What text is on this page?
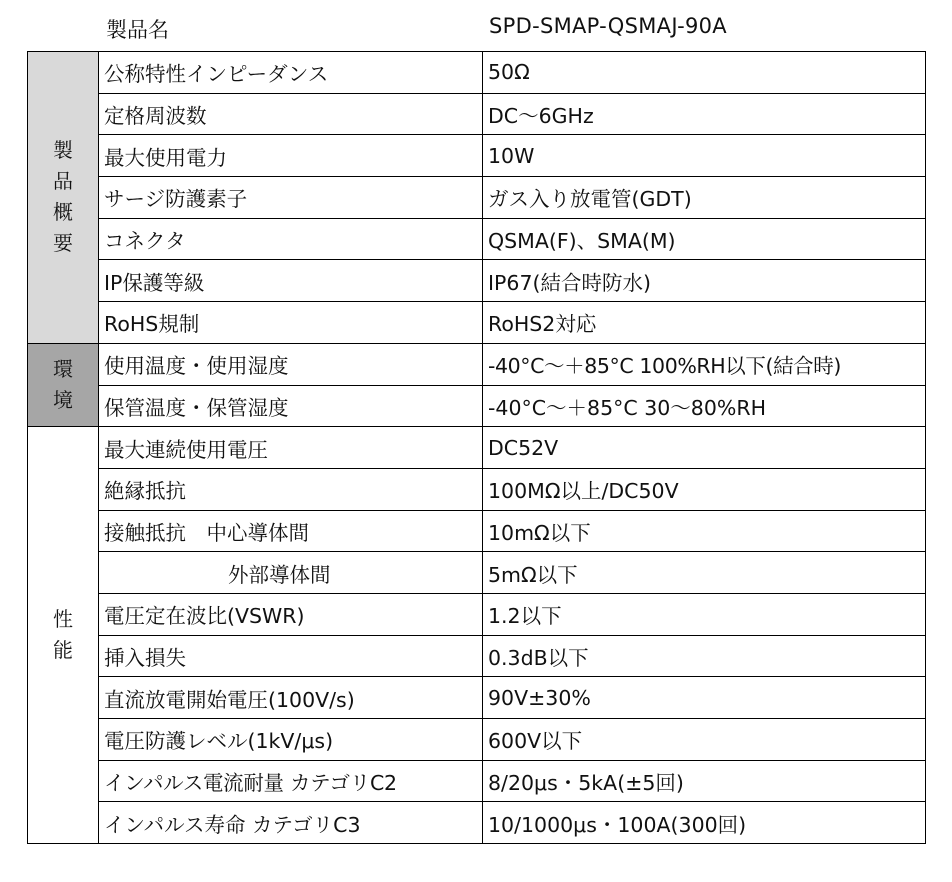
製品名	SPD-SMAP-QSMAJ-90A
製品概要	公称特性インピーダンス	50Ω
	定格周波数	DC〜6GHz
	最大使用電力	10W
	サージ防護素子	ガス入り放電管(GDT)
	コネクタ	QSMA(F)、SMA(M)
	IP保護等級	IP67(結合時防水)
	RoHS規制	RoHS2対応
環境	使用温度・使用湿度	-40°C〜＋85°C 100%RH以下(結合時)
	保管温度・保管湿度	-40°C〜＋85°C 30〜80%RH
性能	最大連続使用電圧	DC52V
	絶縁抵抗	100MΩ以上/DC50V
	接触抵抗　中心導体間	10mΩ以下
	外部導体間	5mΩ以下
	電圧定在波比(VSWR)	1.2以下
	挿入損失	0.3dB以下
	直流放電開始電圧(100V/s)	90V±30%
	電圧防護レベル(1kV/μs)	600V以下
	インパルス電流耐量 カテゴリC2	8/20μs・5kA(±5回)
	インパルス寿命 カテゴリC3	10/1000μs・100A(300回)
